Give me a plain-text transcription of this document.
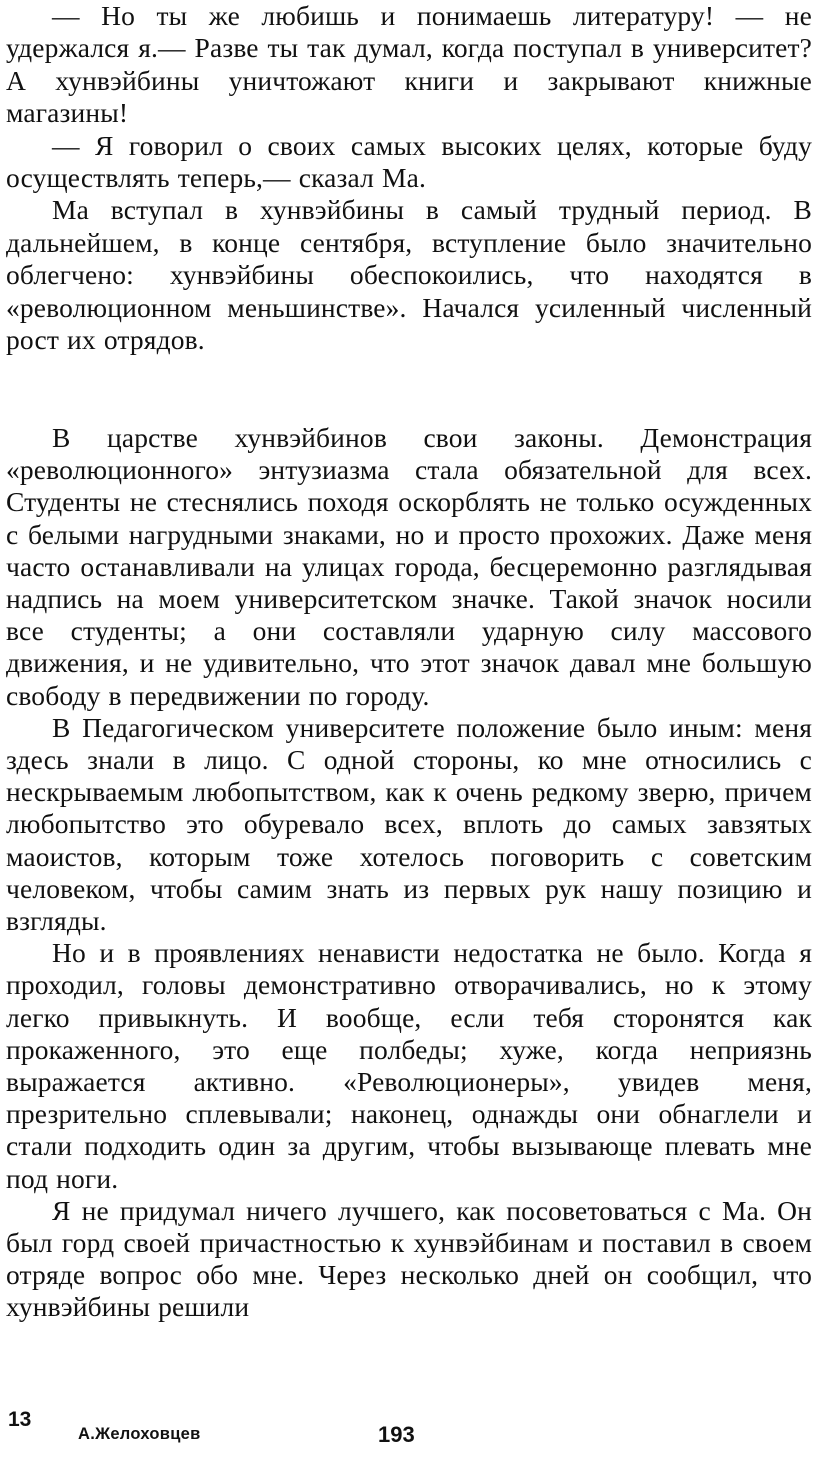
— Но ты же любишь и понимаешь литературу! — не удержался я.— Разве ты так думал, когда поступал в университет? А хунвэйбины уничтожают книги и закрывают книжные магазины!

— Я говорил о своих самых высоких целях, которые буду осуществлять теперь,— сказал Ма.

Ма вступал в хунвэйбины в самый трудный период. В дальнейшем, в конце сентября, вступление было значительно облегчено: хунвэйбины обеспокоились, что находятся в «революционном меньшинстве». Начался усиленный численный рост их отрядов.

В царстве хунвэйбинов свои законы. Демонстрация «революционного» энтузиазма стала обязательной для всех. Студенты не стеснялись походя оскорблять не только осужденных с белыми нагрудными знаками, но и просто прохожих. Даже меня часто останавливали на улицах города, бесцеремонно разглядывая надпись на моем университетском значке. Такой значок носили все студенты; а они составляли ударную силу массового движения, и не удивительно, что этот значок давал мне большую свободу в передвижении по городу.

В Педагогическом университете положение было иным: меня здесь знали в лицо. С одной стороны, ко мне относились с нескрываемым любопытством, как к очень редкому зверю, причем любопытство это обуревало всех, вплоть до самых завзятых маоистов, которым тоже хотелось поговорить с советским человеком, чтобы самим знать из первых рук нашу позицию и взгляды.

Но и в проявлениях ненависти недостатка не было. Когда я проходил, головы демонстративно отворачивались, но к этому легко привыкнуть. И вообще, если тебя сторонятся как прокаженного, это еще полбеды; хуже, когда неприязнь выражается активно. «Революционеры», увидев меня, презрительно сплевывали; наконец, однажды они обнаглели и стали подходить один за другим, чтобы вызывающе плевать мне под ноги.

Я не придумал ничего лучшего, как посоветоваться с Ма. Он был горд своей причастностью к хунвэйбинам и поставил в своем отряде вопрос обо мне. Через несколько дней он сообщил, что хунвэйбины решили

13
А.Желоховцев	193
